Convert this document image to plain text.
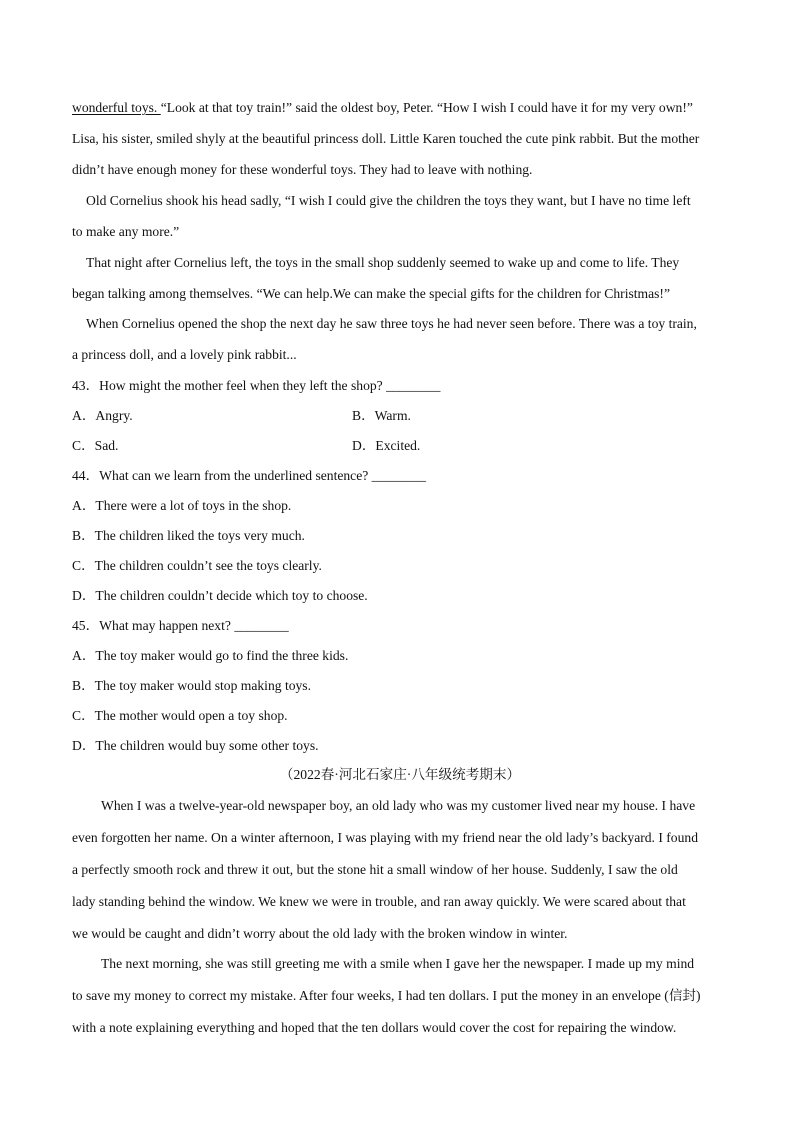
wonderful toys. “Look at that toy train!” said the oldest boy, Peter. “How I wish I could have it for my very own!”
Lisa, his sister, smiled shyly at the beautiful princess doll. Little Karen touched the cute pink rabbit. But the mother
didn’t have enough money for these wonderful toys. They had to leave with nothing.
Old Cornelius shook his head sadly, “I wish I could give the children the toys they want, but I have no time left
to make any more.”
That night after Cornelius left, the toys in the small shop suddenly seemed to wake up and come to life. They
began talking among themselves. “We can help.We can make the special gifts for the children for Christmas!”
When Cornelius opened the shop the next day he saw three toys he had never seen before. There was a toy train,
a princess doll, and a lovely pink rabbit...
43．How might the mother feel when they left the shop? ________
A．Angry.	B．Warm.
C．Sad.	D．Excited.
44．What can we learn from the underlined sentence? ________
A．There were a lot of toys in the shop.
B．The children liked the toys very much.
C．The children couldn’t see the toys clearly.
D．The children couldn’t decide which toy to choose.
45．What may happen next? ________
A．The toy maker would go to find the three kids.
B．The toy maker would stop making toys.
C．The mother would open a toy shop.
D．The children would buy some other toys.
（2022春·河北石家庄·八年级统考期末）
When I was a twelve-year-old newspaper boy, an old lady who was my customer lived near my house. I have
even forgotten her name. On a winter afternoon, I was playing with my friend near the old lady’s backyard. I found
a perfectly smooth rock and threw it out, but the stone hit a small window of her house. Suddenly, I saw the old
lady standing behind the window. We knew we were in trouble, and ran away quickly. We were scared about that
we would be caught and didn’t worry about the old lady with the broken window in winter.
The next morning, she was still greeting me with a smile when I gave her the newspaper. I made up my mind
to save my money to correct my mistake. After four weeks, I had ten dollars. I put the money in an envelope (信封)
with a note explaining everything and hoped that the ten dollars would cover the cost for repairing the window.
